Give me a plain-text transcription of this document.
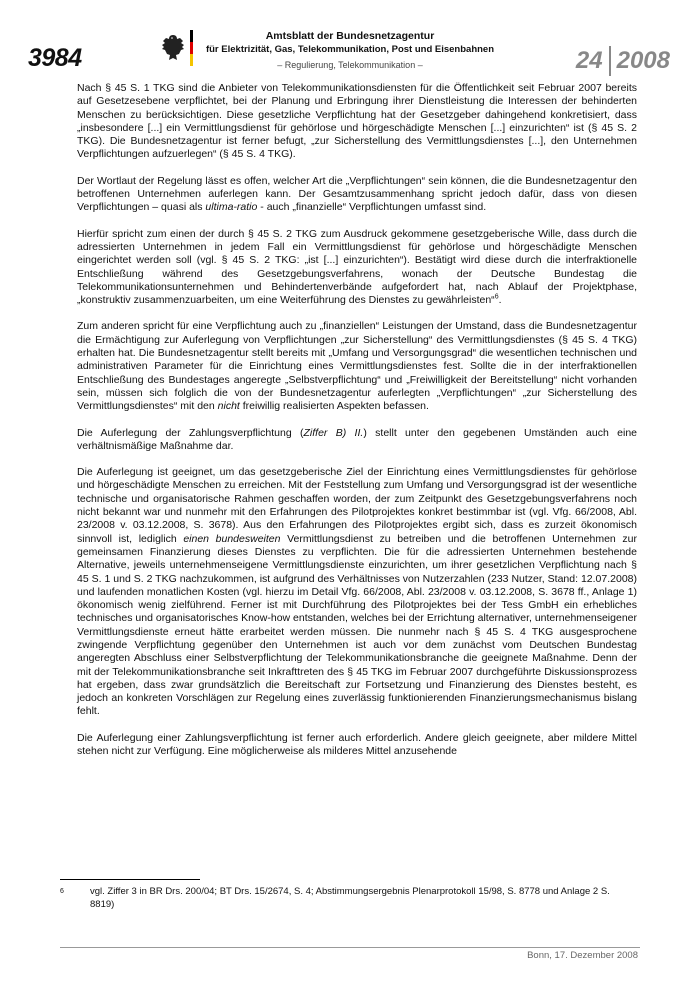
3984
Amtsblatt der Bundesnetzagentur
für Elektrizität, Gas, Telekommunikation, Post und Eisenbahnen
– Regulierung, Telekommunikation –	24 2008

Nach § 45 S. 1 TKG sind die Anbieter von Telekommunikationsdiensten für die Öffentlichkeit seit Februar 2007 bereits auf Gesetzesebene verpflichtet, bei der Planung und Erbringung ihrer Dienstleistung die Interessen der behinderten Menschen zu berücksichtigen. Diese gesetzliche Verpflichtung hat der Gesetzgeber dahingehend konkretisiert, dass „insbesondere [...] ein Vermittlungsdienst für gehörlose und hörgeschädigte Menschen [...] einzurichten“ ist (§ 45 S. 2 TKG). Die Bundesnetzagentur ist ferner befugt, „zur Sicherstellung des Vermittlungsdienstes [...], den Unternehmen Verpflichtungen aufzuerlegen“ (§ 45 S. 4 TKG).

Der Wortlaut der Regelung lässt es offen, welcher Art die „Verpflichtungen“ sein können, die die Bundesnetzagentur den betroffenen Unternehmen auferlegen kann. Der Gesamtzusammenhang spricht jedoch dafür, dass von diesen Verpflichtungen – quasi als ultima-ratio - auch „finanzielle“ Verpflichtungen umfasst sind.

Hierfür spricht zum einen der durch § 45 S. 2 TKG zum Ausdruck gekommene gesetzgeberische Wille, dass durch die adressierten Unternehmen in jedem Fall ein Vermittlungsdienst für gehörlose und hörgeschädigte Menschen eingerichtet werden soll (vgl. § 45 S. 2 TKG: „ist [...] einzurichten“). Bestätigt wird diese durch die interfraktionelle Entschließung während des Gesetzgebungsverfahrens, wonach der Deutsche Bundestag die Telekommunikationsunternehmen und Behindertenverbände aufgefordert hat, nach Ablauf der Projektphase, „konstruktiv zusammenzuarbeiten, um eine Weiterführung des Dienstes zu gewährleisten“$^6$.

Zum anderen spricht für eine Verpflichtung auch zu „finanziellen“ Leistungen der Umstand, dass die Bundesnetzagentur die Ermächtigung zur Auferlegung von Verpflichtungen „zur Sicherstellung“ des Vermittlungsdienstes (§ 45 S. 4 TKG) erhalten hat. Die Bundesnetzagentur stellt bereits mit „Umfang und Versorgungsgrad“ die wesentlichen technischen und administrativen Parameter für die Einrichtung eines Vermittlungsdienstes fest. Sollte die in der interfraktionellen Entschließung des Bundestages angeregte „Selbstverpflichtung“ und „Freiwilligkeit der Bereitstellung“ nicht vorhanden sein, müssen sich folglich die von der Bundesnetzagentur auferlegten „Verpflichtungen“ „zur Sicherstellung des Vermittlungsdienstes“ mit den nicht freiwillig realisierten Aspekten befassen.

Die Auferlegung der Zahlungsverpflichtung (Ziffer B) II.) stellt unter den gegebenen Umständen auch eine verhältnismäßige Maßnahme dar.

Die Auferlegung ist geeignet, um das gesetzgeberische Ziel der Einrichtung eines Vermittlungsdienstes für gehörlose und hörgeschädigte Menschen zu erreichen. Mit der Feststellung zum Umfang und Versorgungsgrad ist der wesentliche technische und organisatorische Rahmen geschaffen worden, der zum Zeitpunkt des Gesetzgebungsverfahrens noch nicht bekannt war und nunmehr mit den Erfahrungen des Pilotprojektes konkret bestimmbar ist (vgl. Vfg. 66/2008, Abl. 23/2008 v. 03.12.2008, S. 3678). Aus den Erfahrungen des Pilotprojektes ergibt sich, dass es zurzeit ökonomisch sinnvoll ist, lediglich einen bundesweiten Vermittlungsdienst zu betreiben und die betroffenen Unternehmen zur gemeinsamen Finanzierung dieses Dienstes zu verpflichten. Die für die adressierten Unternehmen bestehende Alternative, jeweils unternehmenseigene Vermittlungsdienste einzurichten, um ihrer gesetzlichen Verpflichtung nach § 45 S. 1 und S. 2 TKG nachzukommen, ist aufgrund des Verhältnisses von Nutzerzahlen (233 Nutzer, Stand: 12.07.2008) und laufenden monatlichen Kosten (vgl. hierzu im Detail Vfg. 66/2008, Abl. 23/2008 v. 03.12.2008, S. 3678 ff., Anlage 1) ökonomisch wenig zielführend. Ferner ist mit Durchführung des Pilotprojektes bei der Tess GmbH ein erhebliches technisches und organisatorisches Know-how entstanden, welches bei der Errichtung alternativer, unternehmenseigener Vermittlungsdienste erneut hätte erarbeitet werden müssen. Die nunmehr nach § 45 S. 4 TKG ausgesprochene zwingende Verpflichtung gegenüber den Unternehmen ist auch vor dem zunächst vom Deutschen Bundestag angeregten Abschluss einer Selbstverpflichtung der Telekommunikationsbranche die geeignete Maßnahme. Denn der mit der Telekommunikationsbranche seit Inkrafttreten des § 45 TKG im Februar 2007 durchgeführte Diskussionsprozess hat ergeben, dass zwar grundsätzlich die Bereitschaft zur Fortsetzung und Finanzierung des Dienstes besteht, es jedoch an konkreten Vorschlägen zur Regelung eines zuverlässig funktionierenden Finanzierungsmechanismus bislang fehlt.

Die Auferlegung einer Zahlungsverpflichtung ist ferner auch erforderlich. Andere gleich geeignete, aber mildere Mittel stehen nicht zur Verfügung. Eine möglicherweise als milderes Mittel anzusehende

6	vgl. Ziffer 3 in BR Drs. 200/04; BT Drs. 15/2674, S. 4; Abstimmungsergebnis Plenarprotokoll 15/98, S. 8778 und Anlage 2 S. 8819)
Bonn, 17. Dezember 2008
